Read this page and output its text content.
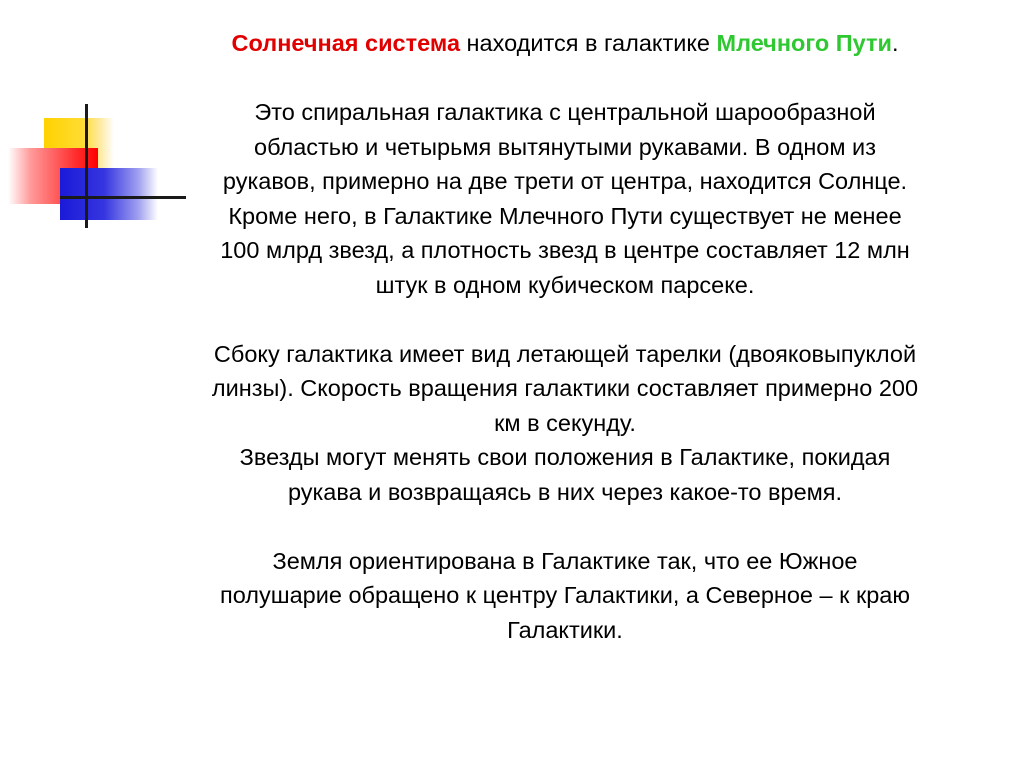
Солнечная система находится в галактике Млечного Пути.

Это спиральная галактика с центральной шарообразной
областью и четырьмя вытянутыми рукавами. В одном из
рукавов, примерно на две трети от центра, находится Солнце.
Кроме него, в Галактике Млечного Пути существует не менее
100 млрд звезд, а плотность звезд в центре составляет 12 млн
штук в одном кубическом парсеке.

Сбоку галактика имеет вид летающей тарелки (двояковыпуклой
линзы). Скорость вращения галактики составляет примерно 200
км в секунду.
Звезды могут менять свои положения в Галактике, покидая
рукава и возвращаясь в них через какое-то время.

Земля ориентирована в Галактике так, что ее Южное
полушарие обращено к центру Галактики, а Северное – к краю
Галактики.
